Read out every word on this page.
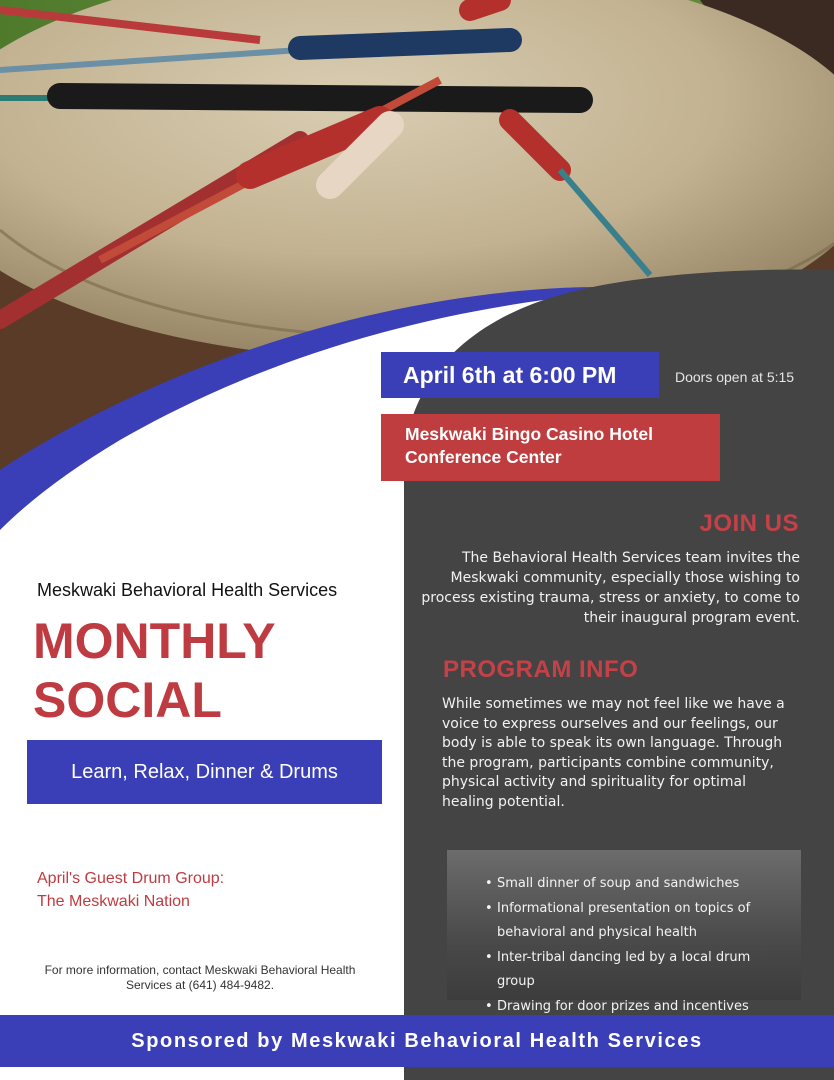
April 6th at 6:00 PM	Doors open at 5:15
Meskwaki Bingo Casino Hotel
Conference Center
JOIN US
The Behavioral Health Services team invites the Meskwaki community, especially those wishing to process existing trauma, stress or anxiety, to come to their inaugural program event.
PROGRAM INFO
While sometimes we may not feel like we have a voice to express ourselves and our feelings, our body is able to speak its own language. Through the program, participants combine community, physical activity and spirituality for optimal healing potential.
• Small dinner of soup and sandwiches
• Informational presentation on topics of behavioral and physical health
• Inter-tribal dancing led by a local drum group
• Drawing for door prizes and incentives
Meskwaki Behavioral Health Services
MONTHLY
SOCIAL
Learn, Relax, Dinner & Drums
April's Guest Drum Group:
The Meskwaki Nation
For more information, contact Meskwaki Behavioral Health Services at (641) 484-9482.
Sponsored by Meskwaki Behavioral Health Services
